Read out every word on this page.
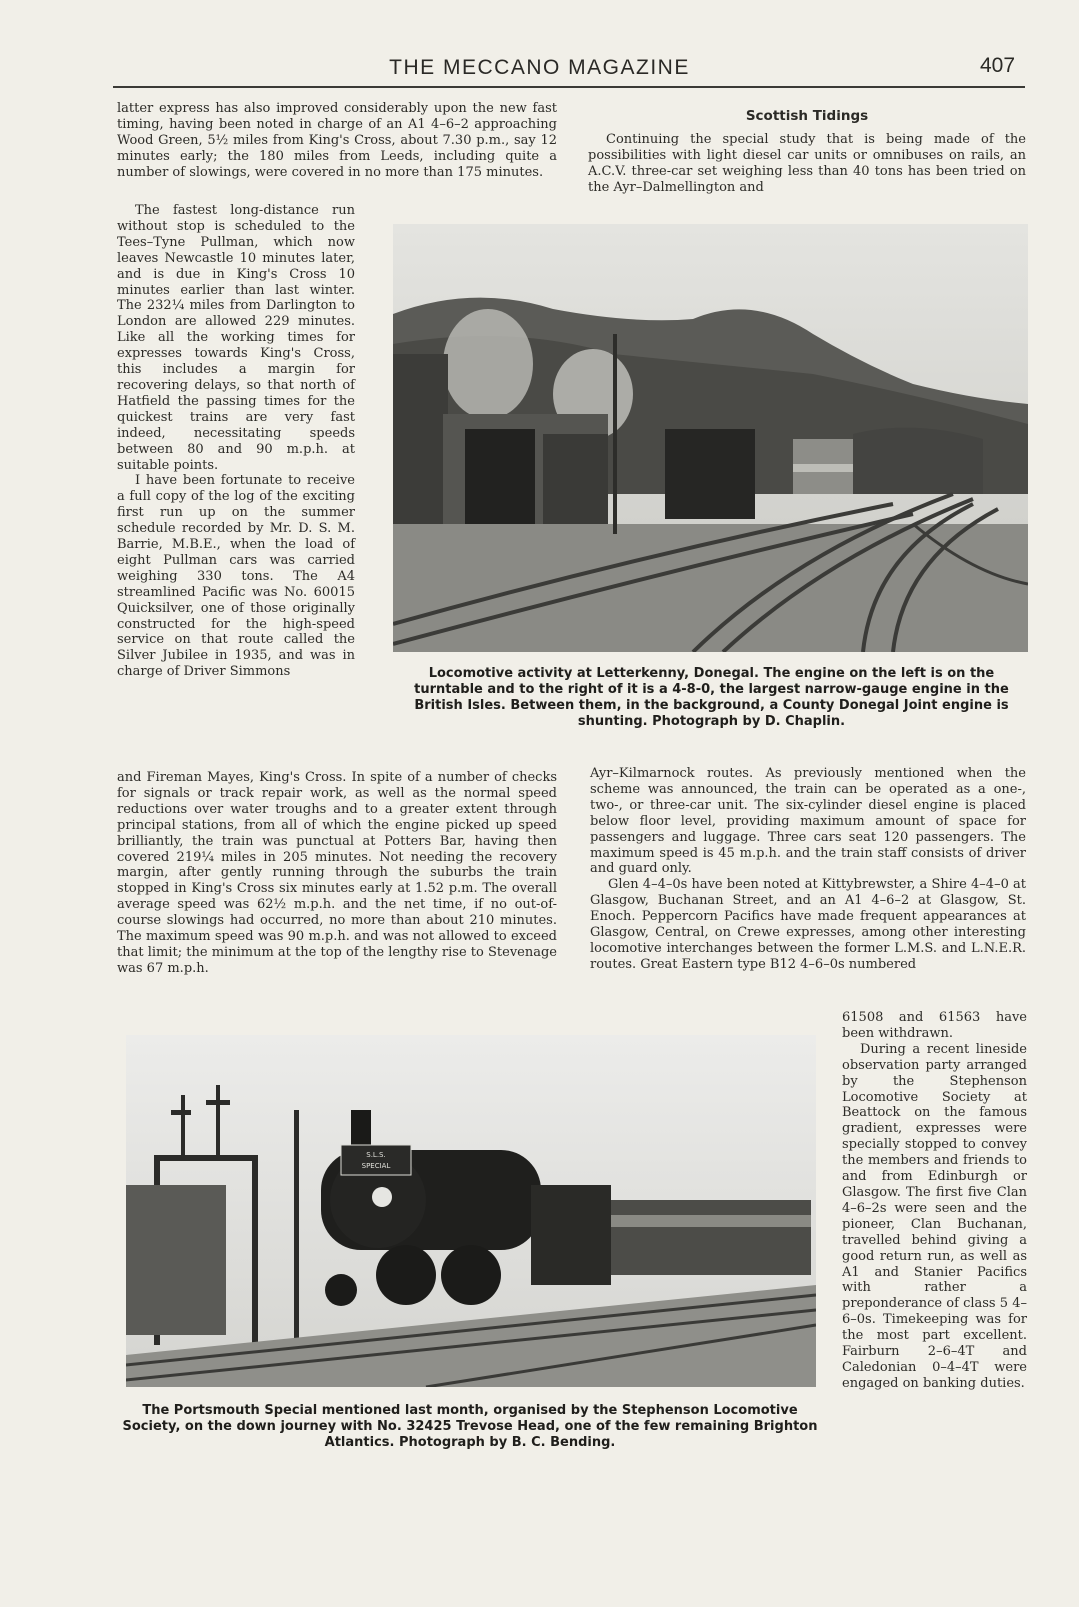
THE MECCANO MAGAZINE	407

latter express has also improved considerably upon the new fast timing, having been noted in charge of an A1 4–6–2 approaching Wood Green, 5½ miles from King's Cross, about 7.30 p.m., say 12 minutes early; the 180 miles from Leeds, including quite a number of slowings, were covered in no more than 175 minutes.

The fastest long-distance run without stop is scheduled to the Tees–Tyne Pullman, which now leaves Newcastle 10 minutes later, and is due in King's Cross 10 minutes earlier than last winter. The 232¼ miles from Darlington to London are allowed 229 minutes. Like all the working times for expresses towards King's Cross, this includes a margin for recovering delays, so that north of Hatfield the passing times for the quickest trains are very fast indeed, necessitating speeds between 80 and 90 m.p.h. at suitable points.

I have been fortunate to receive a full copy of the log of the exciting first run up on the summer schedule recorded by Mr. D. S. M. Barrie, M.B.E., when the load of eight Pullman cars was carried weighing 330 tons. The A4 streamlined Pacific was No. 60015 Quicksilver, one of those originally constructed for the high-speed service on that route called the Silver Jubilee in 1935, and was in charge of Driver Simmons

and Fireman Mayes, King's Cross. In spite of a number of checks for signals or track repair work, as well as the normal speed reductions over water troughs and to a greater extent through principal stations, from all of which the engine picked up speed brilliantly, the train was punctual at Potters Bar, having then covered 219¼ miles in 205 minutes. Not needing the recovery margin, after gently running through the suburbs the train stopped in King's Cross six minutes early at 1.52 p.m. The overall average speed was 62½ m.p.h. and the net time, if no out-of-course slowings had occurred, no more than about 210 minutes. The maximum speed was 90 m.p.h. and was not allowed to exceed that limit; the minimum at the top of the lengthy rise to Stevenage was 67 m.p.h.

Scottish Tidings

Continuing the special study that is being made of the possibilities with light diesel car units or omnibuses on rails, an A.C.V. three-car set weighing less than 40 tons has been tried on the Ayr–Dalmellington and

Locomotive activity at Letterkenny, Donegal. The engine on the left is on the turntable and to the right of it is a 4-8-0, the largest narrow-gauge engine in the British Isles. Between them, in the background, a County Donegal Joint engine is shunting. Photograph by D. Chaplin.

Ayr–Kilmarnock routes. As previously mentioned when the scheme was announced, the train can be operated as a one-, two-, or three-car unit. The six-cylinder diesel engine is placed below floor level, providing maximum amount of space for passengers and luggage. Three cars seat 120 passengers. The maximum speed is 45 m.p.h. and the train staff consists of driver and guard only.

Glen 4–4–0s have been noted at Kittybrewster, a Shire 4–4–0 at Glasgow, Buchanan Street, and an A1 4–6–2 at Glasgow, St. Enoch. Peppercorn Pacifics have made frequent appearances at Glasgow, Central, on Crewe expresses, among other interesting locomotive interchanges between the former L.M.S. and L.N.E.R. routes. Great Eastern type B12 4–6–0s numbered

61508 and 61563 have been withdrawn.

During a recent lineside observation party arranged by the Stephenson Locomotive Society at Beattock on the famous gradient, expresses were specially stopped to convey the members and friends to and from Edinburgh or Glasgow. The first five Clan 4–6–2s were seen and the pioneer, Clan Buchanan, travelled behind giving a good return run, as well as A1 and Stanier Pacifics with rather a preponderance of class 5 4–6–0s. Timekeeping was for the most part excellent. Fairburn 2–6–4T and Caledonian 0–4–4T were engaged on banking duties.

S.L.S.
SPECIAL
The Portsmouth Special mentioned last month, organised by the Stephenson Locomotive Society, on the down journey with No. 32425 Trevose Head, one of the few remaining Brighton Atlantics. Photograph by B. C. Bending.
